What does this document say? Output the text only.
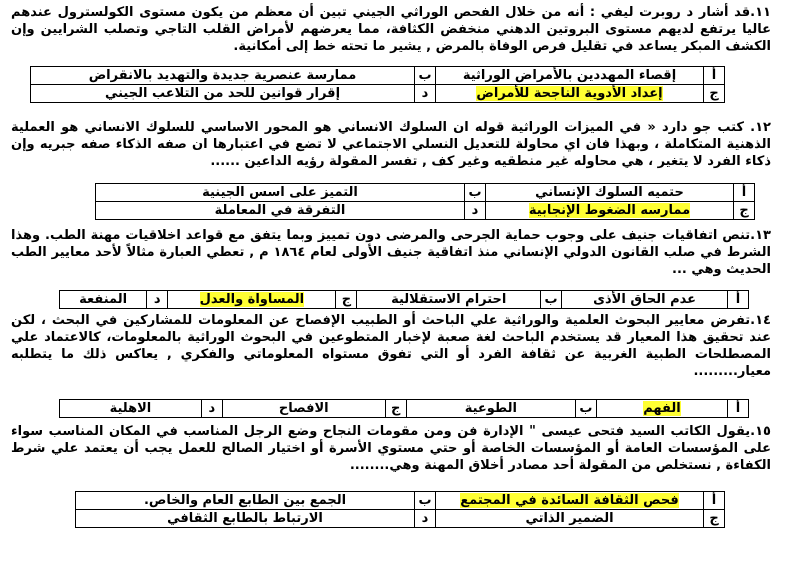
١١.قد أشار د روبرت ليفي : أنه من خلال الفحص الوراثي الجيني تبين أن معظم من يكون مستوى الكولسترول عندهم عاليا يرتفع لديهم مستوى البروتين الدهني منخفض الكثافة، مما يعرضهم لأمراض القلب التاجي وتصلب الشرايين وإن الكشف المبكر يساعد في تقليل فرص الوفاة بالمرض , يشير ما تحته خط إلى أمكانية.
أ	إقصاء المهددين بالأمراض الوراثية	ب	ممارسة عنصرية جديدة والتهديد بالانقراض
ج	إعداد الأدوية الناجحة للأمراض	د	إقرار قوانين للحد من التلاعب الجيني
١٢. كتب جو دارد « في الميزات الوراثية قوله ان السلوك الانساني هو المحور الاساسي للسلوك الانساني هو العملية الذهنية المتكاملة ، وبهذا فان اي محاولة للتعديل النسلي الاجتماعي لا تضع في اعتبارها ان صفه الذكاء صفه جبريه وإن ذكاء الفرد لا يتغير ، هي محاوله غير منطقيه وغير كف , تفسر المقولة رؤيه الداعين ......
أ	حتميه السلوك الإنساني	ب	التميز على اسس الجينية
ج	ممارسه الضغوط الإنجابية	د	التفرقة في المعاملة
١٣.تنص اتفاقيات جنيف على وجوب حماية الجرحى والمرضى دون تمييز وبما يتفق مع قواعد اخلاقيات مهنة الطب. وهذا الشرط في صلب القانون الدولي الإنساني منذ اتفاقية جنيف الأولى لعام ١٨٦٤ م , تعطي العبارة مثالاً لأحد معايير الطب الحديث وهي ...
أ	عدم الحاق الأذى	ب	احترام الاستقلالية	ج	المساواة والعدل	د	المنفعة
١٤.تفرض معايير البحوث العلمية والوراثية علي الباحث أو الطبيب الإفصاح عن المعلومات للمشاركين في البحث ، لكن عند تحقيق هذا المعيار قد يستخدم الباحث لغة صعبة لإخبار المتطوعين في البحوث الوراثية بالمعلومات، كالاعتماد علي المصطلحات الطبية الغربية عن ثقافة الفرد أو التي تفوق مستواه المعلوماتي والفكري , يعاكس ذلك ما يتطلبه معيار.........
أ	الفهم	ب	الطوعية	ج	الافصاح	د	الاهلية
١٥.يقول الكاتب السيد فتحى عيسى " الإدارة فن ومن مقومات النجاح وضع الرجل المناسب في المكان المناسب سواء على المؤسسات العامة أو المؤسسات الخاصة أو حتي مستوي الأسرة أو اختيار الصالح للعمل يجب أن يعتمد علي شرط الكفاءة , نستخلص من المقولة أحد مصادر أخلاق المهنة وهي........
أ	فحص الثقافة السائدة في المجتمع	ب	الجمع بين الطابع العام والخاص.
ج	الضمير الذاتي	د	الارتباط بالطابع الثقافي
